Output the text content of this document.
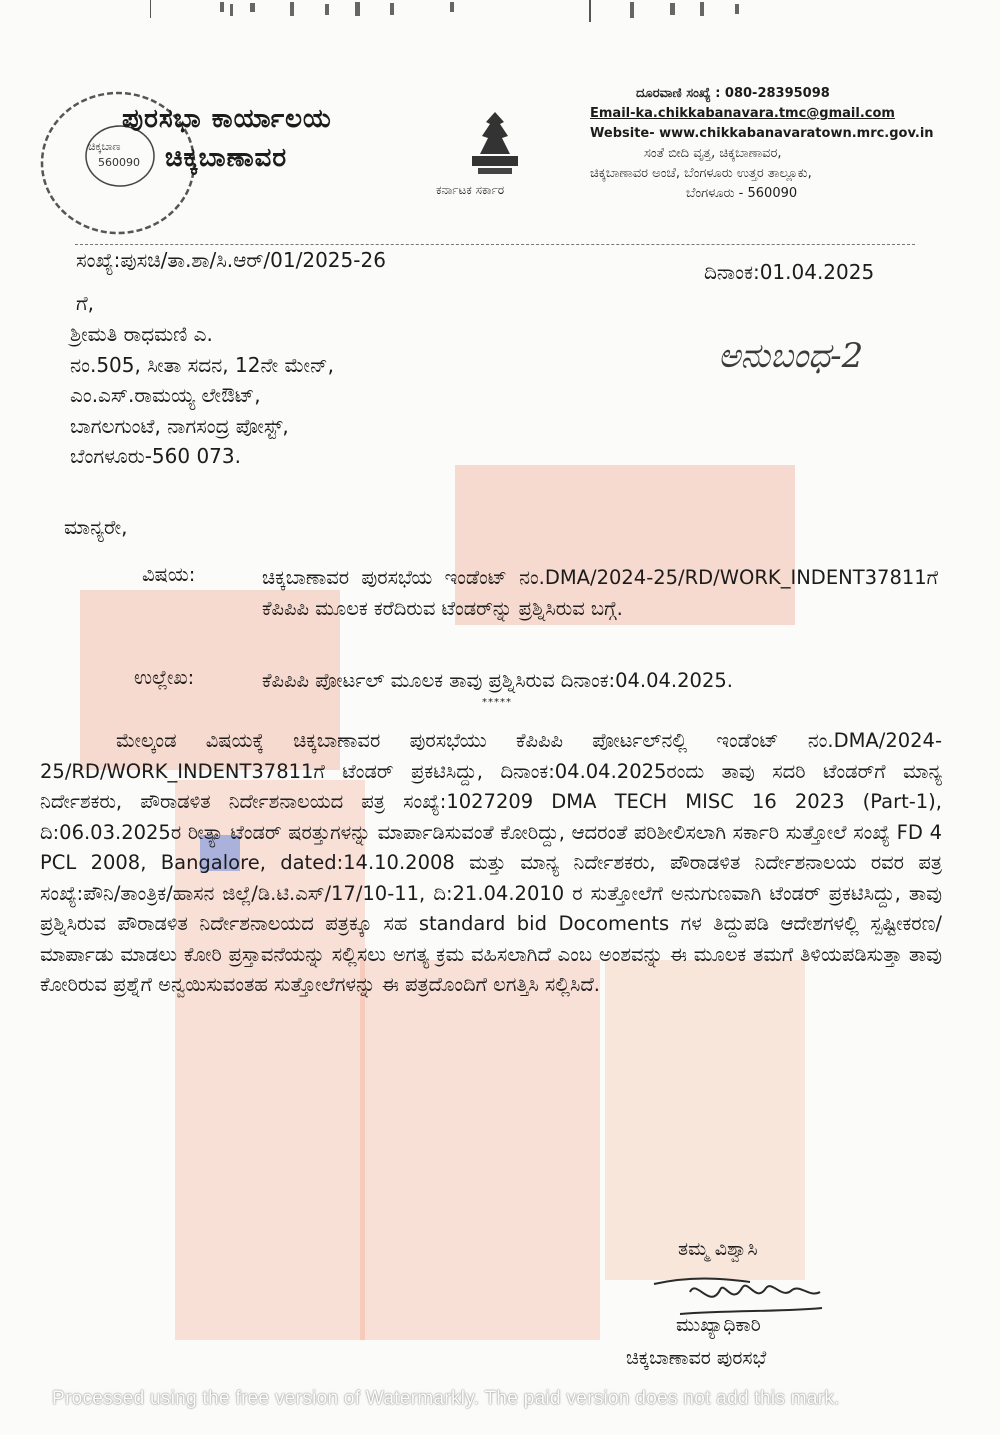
ಚಿಕ್ಕಬಾಣ
560090
ಪುರಸಭಾ ಕಾರ್ಯಾಲಯ
ಚಿಕ್ಕಬಾಣಾವರ
ಕರ್ನಾಟಕ ಸರ್ಕಾರ
ದೂರವಾಣಿ ಸಂಖ್ಯೆ : 080-28395098
Email-ka.chikkabanavara.tmc@gmail.com
Website- www.chikkabanavaratown.mrc.gov.in
ಸಂತೆ ಬೀದಿ ವೃತ್ತ, ಚಿಕ್ಕಬಾಣಾವರ,
ಚಿಕ್ಕಬಾಣಾವರ ಅಂಚೆ, ಬೆಂಗಳೂರು ಉತ್ತರ ತಾಲ್ಲೂಕು,
ಬೆಂಗಳೂರು - 560090
ಸಂಖ್ಯೆ:ಪುಸಚಿ/ತಾ.ಶಾ/ಸಿ.ಆರ್/01/2025-26	ದಿನಾಂಕ:01.04.2025
ಅನುಬಂಧ-2
ಗೆ,
ಶ್ರೀಮತಿ ರಾಧಮಣಿ ಎ.
ನಂ.505, ಸೀತಾ ಸದನ, 12ನೇ ಮೇನ್,
ಎಂ.ಎಸ್.ರಾಮಯ್ಯ ಲೇಔಟ್,
ಬಾಗಲಗುಂಟೆ, ನಾಗಸಂದ್ರ ಪೋಸ್ಟ್,
ಬೆಂಗಳೂರು-560 073.
ಮಾನ್ಯರೇ,
ವಿಷಯ:	ಚಿಕ್ಕಬಾಣಾವರ ಪುರಸಭೆಯ ಇಂಡೆಂಟ್ ನಂ.DMA/2024-25/RD/WORK_INDENT37811ಗೆ ಕೆಪಿಪಿಪಿ ಮೂಲಕ ಕರೆದಿರುವ ಟೆಂಡರ್‌ನ್ನು ಪ್ರಶ್ನಿಸಿರುವ ಬಗ್ಗೆ.
ಉಲ್ಲೇಖ:	ಕೆಪಿಪಿಪಿ ಪೋರ್ಟಲ್ ಮೂಲಕ ತಾವು ಪ್ರಶ್ನಿಸಿರುವ ದಿನಾಂಕ:04.04.2025.
*****
ಮೇಲ್ಕಂಡ ವಿಷಯಕ್ಕೆ ಚಿಕ್ಕಬಾಣಾವರ ಪುರಸಭೆಯು ಕೆಪಿಪಿಪಿ ಪೋರ್ಟಲ್‌ನಲ್ಲಿ ಇಂಡೆಂಟ್ ನಂ.DMA/2024-25/RD/WORK_INDENT37811ಗೆ ಟೆಂಡರ್ ಪ್ರಕಟಿಸಿದ್ದು, ದಿನಾಂಕ:04.04.2025ರಂದು ತಾವು ಸದರಿ ಟೆಂಡರ್‌ಗೆ ಮಾನ್ಯ ನಿರ್ದೇಶಕರು, ಪೌರಾಡಳಿತ ನಿರ್ದೇಶನಾಲಯದ ಪತ್ರ ಸಂಖ್ಯೆ:1027209 DMA TECH MISC 16 2023 (Part-1), ದಿ:06.03.2025ರ ರೀತ್ಯಾ ಟೆಂಡರ್ ಷರತ್ತುಗಳನ್ನು ಮಾರ್ಪಾಡಿಸುವಂತೆ ಕೋರಿದ್ದು, ಆದರಂತೆ ಪರಿಶೀಲಿಸಲಾಗಿ ಸರ್ಕಾರಿ ಸುತ್ತೋಲೆ ಸಂಖ್ಯೆ FD 4 PCL 2008, Bangalore, dated:14.10.2008 ಮತ್ತು ಮಾನ್ಯ ನಿರ್ದೇಶಕರು, ಪೌರಾಡಳಿತ ನಿರ್ದೇಶನಾಲಯ ರವರ ಪತ್ರ ಸಂಖ್ಯೆ:ಪೌನಿ/ತಾಂತ್ರಿಕ/ಹಾಸನ ಜಿಲ್ಲೆ/ಡಿ.ಟಿ.ಎಸ್/17/10-11, ದಿ:21.04.2010 ರ ಸುತ್ತೋಲೆಗೆ ಅನುಗುಣವಾಗಿ ಟೆಂಡರ್ ಪ್ರಕಟಿಸಿದ್ದು, ತಾವು ಪ್ರಶ್ನಿಸಿರುವ ಪೌರಾಡಳಿತ ನಿರ್ದೇಶನಾಲಯದ ಪತ್ರಕ್ಕೂ ಸಹ standard bid Docoments ಗಳ ತಿದ್ದುಪಡಿ ಆದೇಶಗಳಲ್ಲಿ ಸ್ಪಷ್ಟೀಕರಣ/ಮಾರ್ಪಾಡು ಮಾಡಲು ಕೋರಿ ಪ್ರಸ್ತಾವನೆಯನ್ನು ಸಲ್ಲಿಸಲು ಅಗತ್ಯ ಕ್ರಮ ವಹಿಸಲಾಗಿದೆ ಎಂಬ ಅಂಶವನ್ನು ಈ ಮೂಲಕ ತಮಗೆ ತಿಳಿಯಪಡಿಸುತ್ತಾ ತಾವು ಕೋರಿರುವ ಪ್ರಶ್ನೆಗೆ ಅನ್ವಯಿಸುವಂತಹ ಸುತ್ತೋಲೆಗಳನ್ನು ಈ ಪತ್ರದೊಂದಿಗೆ ಲಗತ್ತಿಸಿ ಸಲ್ಲಿಸಿದೆ.
ತಮ್ಮ ವಿಶ್ವಾಸಿ
ಮುಖ್ಯಾಧಿಕಾರಿ
ಚಿಕ್ಕಬಾಣಾವರ ಪುರಸಭೆ
Processed using the free version of Watermarkly. The paid version does not add this mark.
